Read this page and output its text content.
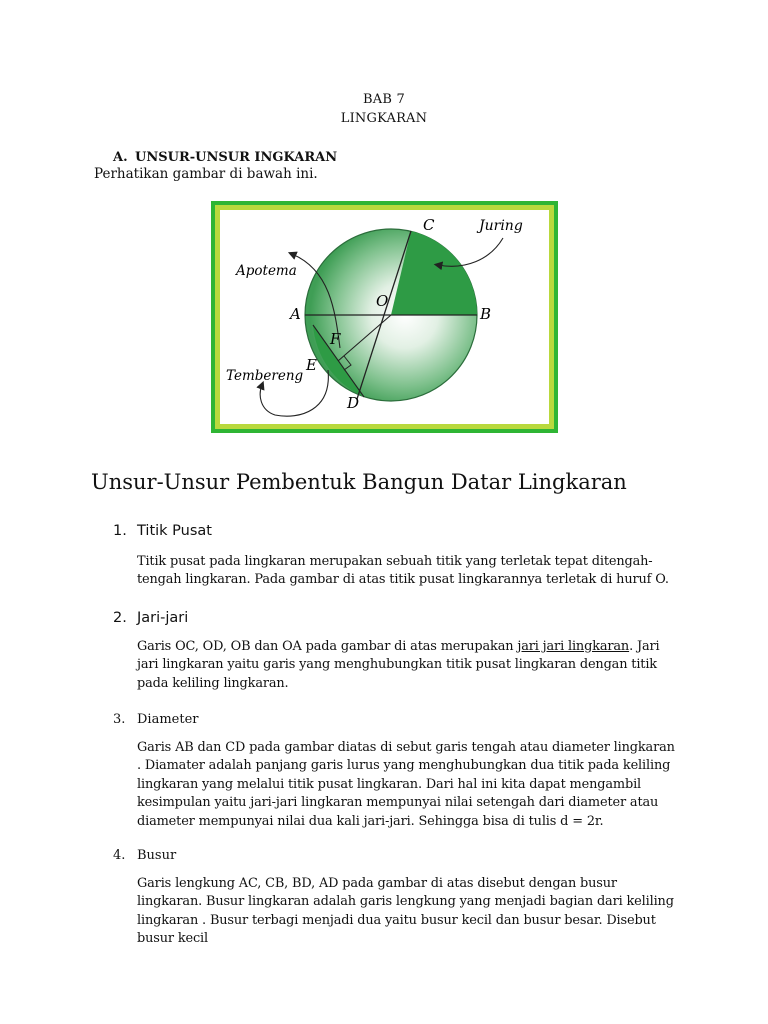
BAB 7
LINGKARAN
A. UNSUR-UNSUR INGKARAN
Perhatikan gambar di bawah ini.
C	Juring
Apotema
A
O
B
F
E
Tembereng
D
Unsur-Unsur Pembentuk Bangun Datar Lingkaran
1. Titik Pusat
Titik pusat pada lingkaran merupakan sebuah titik yang terletak tepat ditengah-tengah lingkaran. Pada gambar di atas titik pusat lingkarannya terletak di huruf O.
2. Jari-jari
Garis OC, OD, OB dan OA pada gambar di atas merupakan jari jari lingkaran. Jari jari lingkaran yaitu garis yang menghubungkan titik pusat lingkaran dengan titik pada keliling lingkaran.
3. Diameter
Garis AB dan CD pada gambar diatas di sebut garis tengah atau diameter lingkaran . Diamater adalah panjang garis lurus yang menghubungkan dua titik pada keliling lingkaran yang melalui titik pusat lingkaran. Dari hal ini kita dapat mengambil kesimpulan yaitu jari-jari lingkaran mempunyai nilai setengah dari diameter atau diameter mempunyai nilai dua kali jari-jari. Sehingga bisa di tulis d = 2r.
4. Busur
Garis lengkung AC, CB, BD, AD pada gambar di atas disebut dengan busur lingkaran. Busur lingkaran adalah garis lengkung yang menjadi bagian dari keliling lingkaran . Busur terbagi menjadi dua yaitu busur kecil dan busur besar. Disebut busur kecil
